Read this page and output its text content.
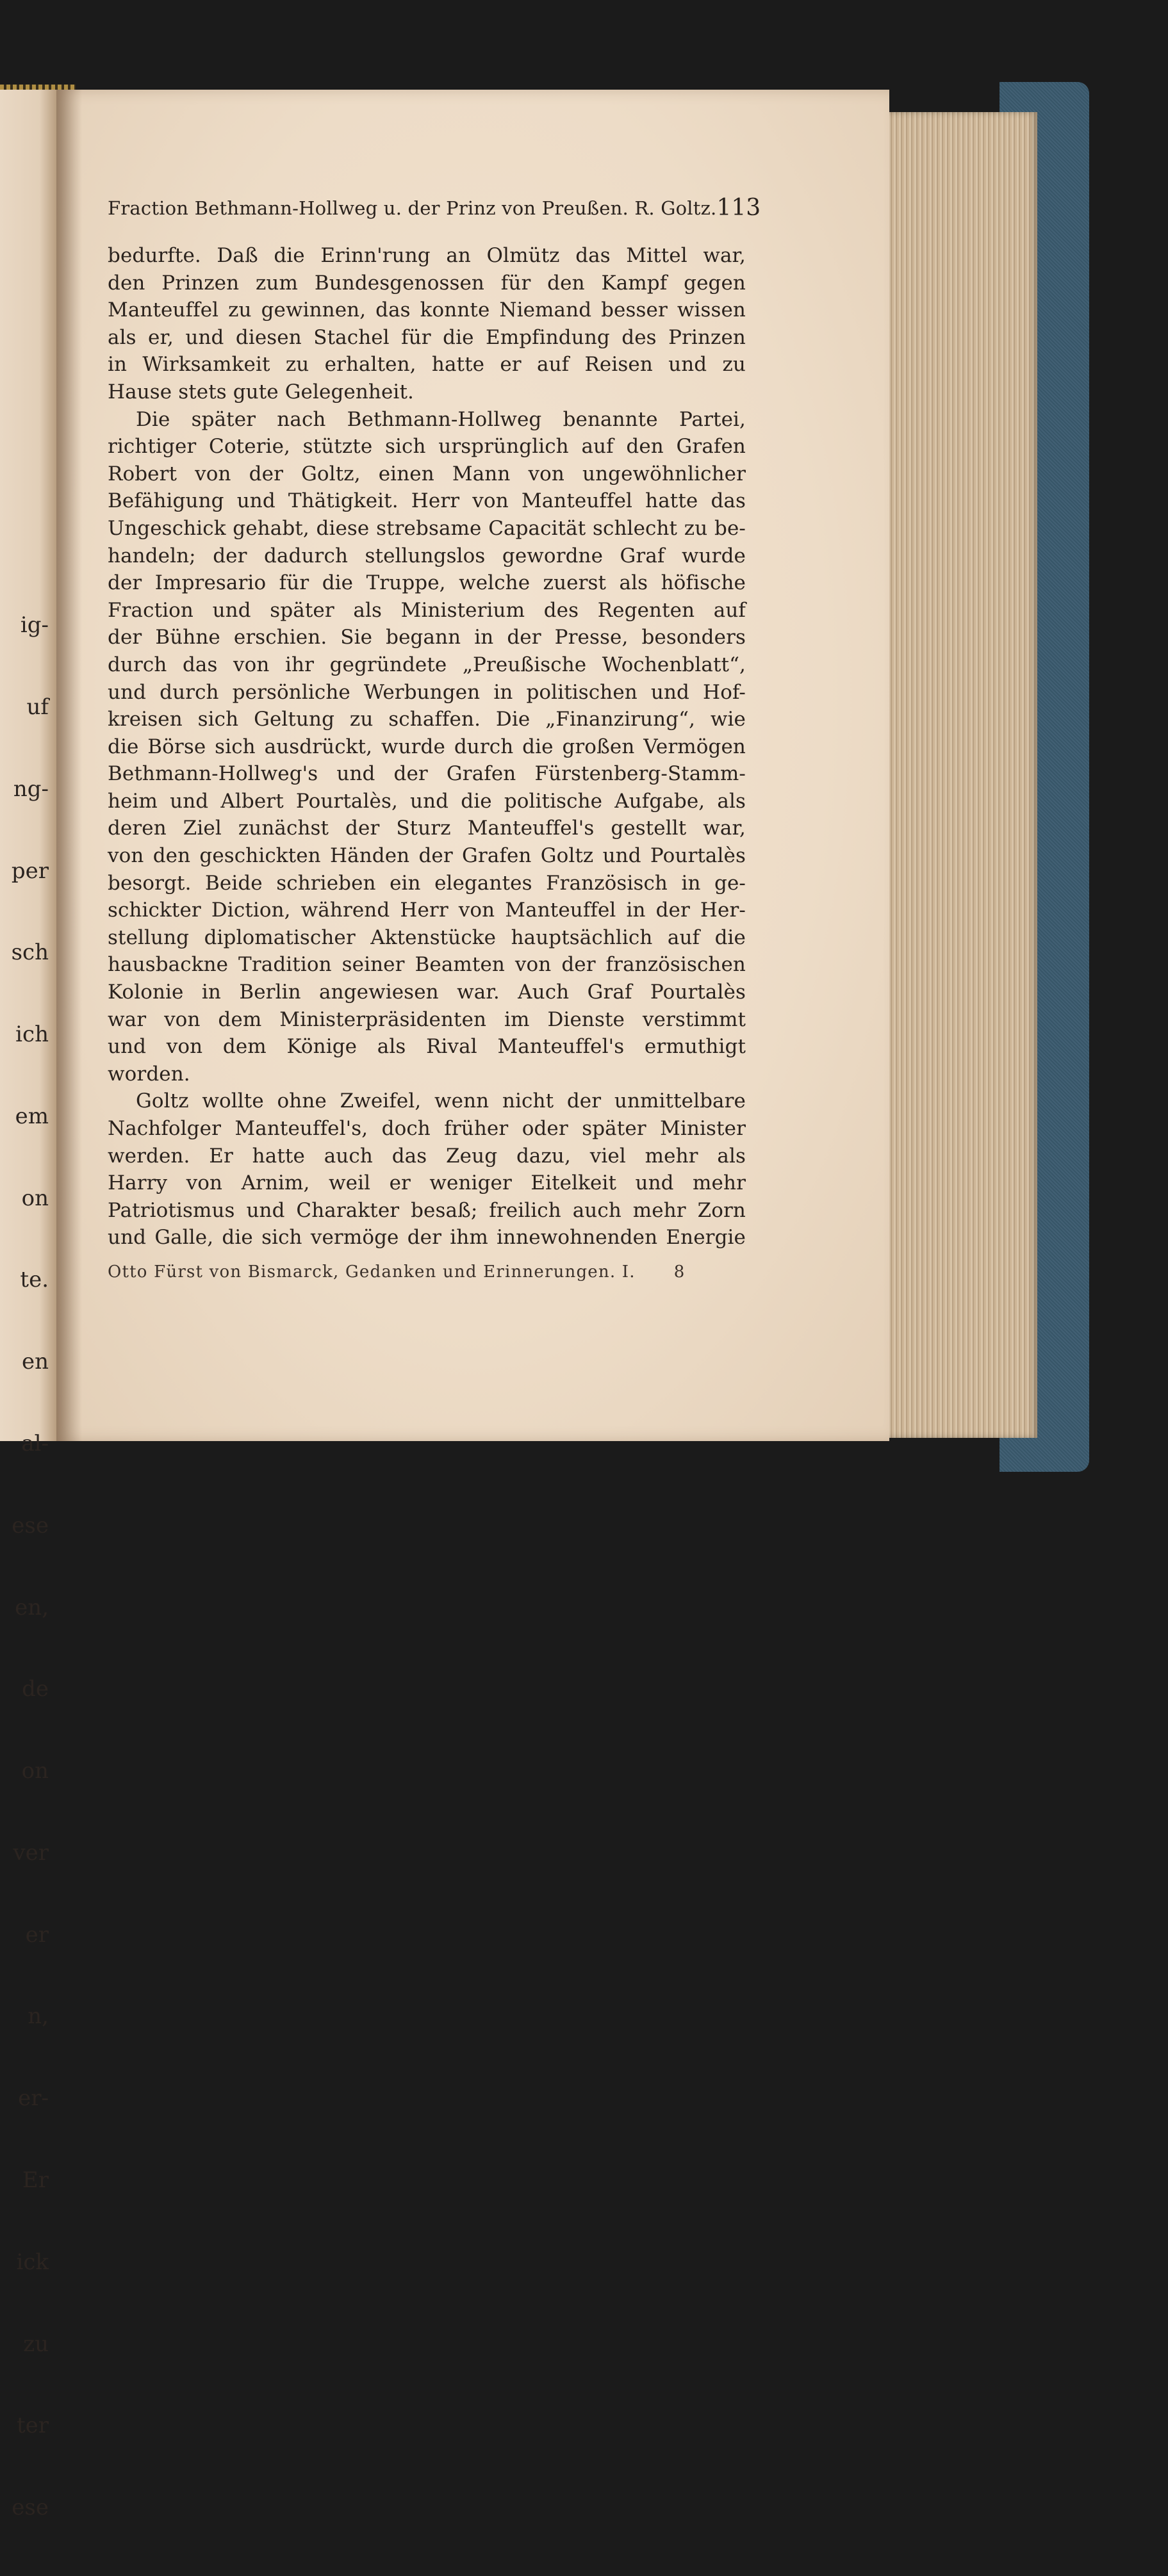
ig-

uf

ng-

per

sch

ich

em

on

te.

en

al-

ese

en,

de

on

ver

er

n,

er-

Er

ick

zu

ter

ese

Fraction Bethmann-Hollweg u. der Prinz von Preußen. R. Goltz. 113
bedurfte. Daß die Erinn'rung an Olmütz das Mittel war,
den Prinzen zum Bundesgenossen für den Kampf gegen
Manteuffel zu gewinnen, das konnte Niemand besser wissen
als er, und diesen Stachel für die Empfindung des Prinzen
in Wirksamkeit zu erhalten, hatte er auf Reisen und zu
Hause stets gute Gelegenheit.
Die später nach Bethmann-Hollweg benannte Partei,
richtiger Coterie, stützte sich ursprünglich auf den Grafen
Robert von der Goltz, einen Mann von ungewöhnlicher
Befähigung und Thätigkeit. Herr von Manteuffel hatte das
Ungeschick gehabt, diese strebsame Capacität schlecht zu be-
handeln; der dadurch stellungslos gewordne Graf wurde
der Impresario für die Truppe, welche zuerst als höfische
Fraction und später als Ministerium des Regenten auf
der Bühne erschien. Sie begann in der Presse, besonders
durch das von ihr gegründete „Preußische Wochenblatt“,
und durch persönliche Werbungen in politischen und Hof-
kreisen sich Geltung zu schaffen. Die „Finanzirung“, wie
die Börse sich ausdrückt, wurde durch die großen Vermögen
Bethmann-Hollweg's und der Grafen Fürstenberg-Stamm-
heim und Albert Pourtalès, und die politische Aufgabe, als
deren Ziel zunächst der Sturz Manteuffel's gestellt war,
von den geschickten Händen der Grafen Goltz und Pourtalès
besorgt. Beide schrieben ein elegantes Französisch in ge-
schickter Diction, während Herr von Manteuffel in der Her-
stellung diplomatischer Aktenstücke hauptsächlich auf die
hausbackne Tradition seiner Beamten von der französischen
Kolonie in Berlin angewiesen war. Auch Graf Pourtalès
war von dem Ministerpräsidenten im Dienste verstimmt
und von dem Könige als Rival Manteuffel's ermuthigt
worden.
Goltz wollte ohne Zweifel, wenn nicht der unmittelbare
Nachfolger Manteuffel's, doch früher oder später Minister
werden. Er hatte auch das Zeug dazu, viel mehr als
Harry von Arnim, weil er weniger Eitelkeit und mehr
Patriotismus und Charakter besaß; freilich auch mehr Zorn
und Galle, die sich vermöge der ihm innewohnenden Energie
Otto Fürst von Bismarck, Gedanken und Erinnerungen. I. 8
